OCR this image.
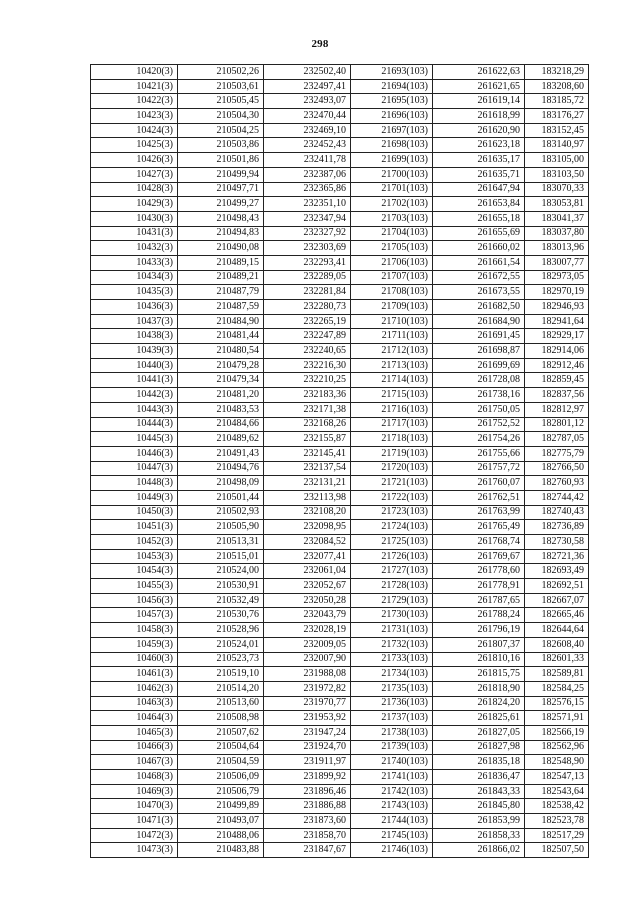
298
10420(3)	210502,26	232502,40	21693(103)	261622,63	183218,29
10421(3)	210503,61	232497,41	21694(103)	261621,65	183208,60
10422(3)	210505,45	232493,07	21695(103)	261619,14	183185,72
10423(3)	210504,30	232470,44	21696(103)	261618,99	183176,27
10424(3)	210504,25	232469,10	21697(103)	261620,90	183152,45
10425(3)	210503,86	232452,43	21698(103)	261623,18	183140,97
10426(3)	210501,86	232411,78	21699(103)	261635,17	183105,00
10427(3)	210499,94	232387,06	21700(103)	261635,71	183103,50
10428(3)	210497,71	232365,86	21701(103)	261647,94	183070,33
10429(3)	210499,27	232351,10	21702(103)	261653,84	183053,81
10430(3)	210498,43	232347,94	21703(103)	261655,18	183041,37
10431(3)	210494,83	232327,92	21704(103)	261655,69	183037,80
10432(3)	210490,08	232303,69	21705(103)	261660,02	183013,96
10433(3)	210489,15	232293,41	21706(103)	261661,54	183007,77
10434(3)	210489,21	232289,05	21707(103)	261672,55	182973,05
10435(3)	210487,79	232281,84	21708(103)	261673,55	182970,19
10436(3)	210487,59	232280,73	21709(103)	261682,50	182946,93
10437(3)	210484,90	232265,19	21710(103)	261684,90	182941,64
10438(3)	210481,44	232247,89	21711(103)	261691,45	182929,17
10439(3)	210480,54	232240,65	21712(103)	261698,87	182914,06
10440(3)	210479,28	232216,30	21713(103)	261699,69	182912,46
10441(3)	210479,34	232210,25	21714(103)	261728,08	182859,45
10442(3)	210481,20	232183,36	21715(103)	261738,16	182837,56
10443(3)	210483,53	232171,38	21716(103)	261750,05	182812,97
10444(3)	210484,66	232168,26	21717(103)	261752,52	182801,12
10445(3)	210489,62	232155,87	21718(103)	261754,26	182787,05
10446(3)	210491,43	232145,41	21719(103)	261755,66	182775,79
10447(3)	210494,76	232137,54	21720(103)	261757,72	182766,50
10448(3)	210498,09	232131,21	21721(103)	261760,07	182760,93
10449(3)	210501,44	232113,98	21722(103)	261762,51	182744,42
10450(3)	210502,93	232108,20	21723(103)	261763,99	182740,43
10451(3)	210505,90	232098,95	21724(103)	261765,49	182736,89
10452(3)	210513,31	232084,52	21725(103)	261768,74	182730,58
10453(3)	210515,01	232077,41	21726(103)	261769,67	182721,36
10454(3)	210524,00	232061,04	21727(103)	261778,60	182693,49
10455(3)	210530,91	232052,67	21728(103)	261778,91	182692,51
10456(3)	210532,49	232050,28	21729(103)	261787,65	182667,07
10457(3)	210530,76	232043,79	21730(103)	261788,24	182665,46
10458(3)	210528,96	232028,19	21731(103)	261796,19	182644,64
10459(3)	210524,01	232009,05	21732(103)	261807,37	182608,40
10460(3)	210523,73	232007,90	21733(103)	261810,16	182601,33
10461(3)	210519,10	231988,08	21734(103)	261815,75	182589,81
10462(3)	210514,20	231972,82	21735(103)	261818,90	182584,25
10463(3)	210513,60	231970,77	21736(103)	261824,20	182576,15
10464(3)	210508,98	231953,92	21737(103)	261825,61	182571,91
10465(3)	210507,62	231947,24	21738(103)	261827,05	182566,19
10466(3)	210504,64	231924,70	21739(103)	261827,98	182562,96
10467(3)	210504,59	231911,97	21740(103)	261835,18	182548,90
10468(3)	210506,09	231899,92	21741(103)	261836,47	182547,13
10469(3)	210506,79	231896,46	21742(103)	261843,33	182543,64
10470(3)	210499,89	231886,88	21743(103)	261845,80	182538,42
10471(3)	210493,07	231873,60	21744(103)	261853,99	182523,78
10472(3)	210488,06	231858,70	21745(103)	261858,33	182517,29
10473(3)	210483,88	231847,67	21746(103)	261866,02	182507,50
